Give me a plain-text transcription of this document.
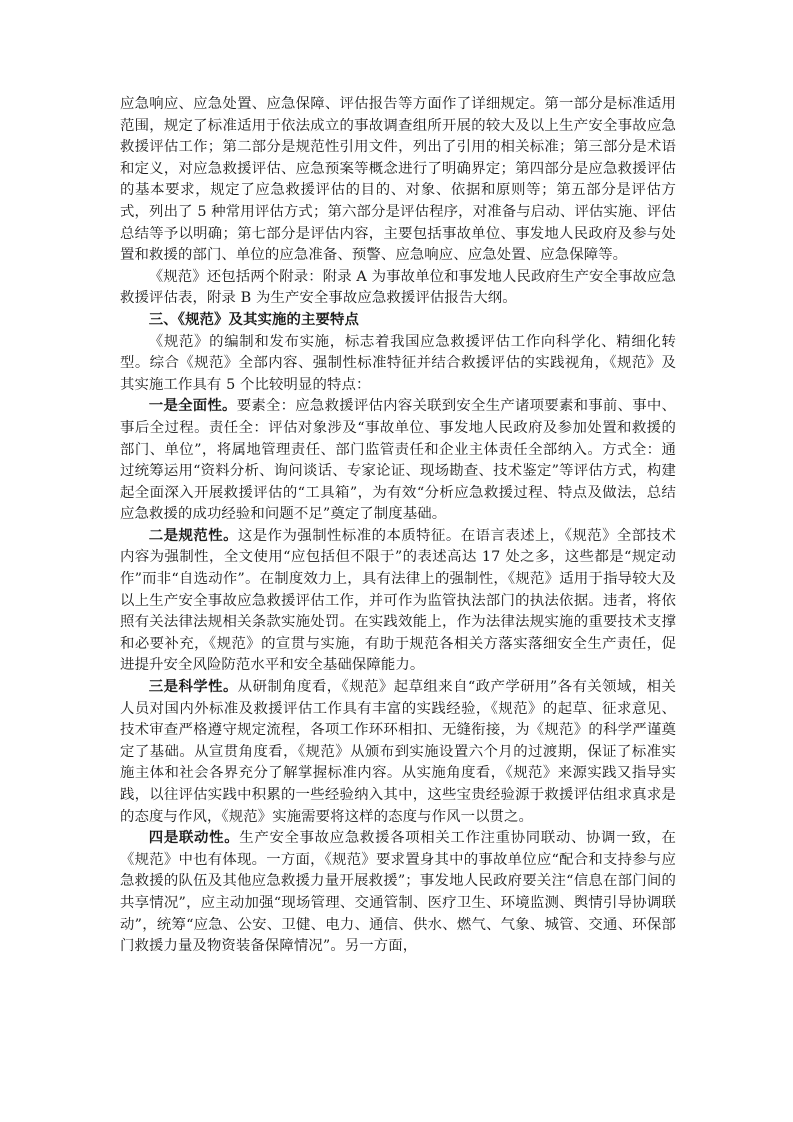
应急响应、应急处置、应急保障、评估报告等方面作了详细规定。第一部分是标准适用范围，规定了标准适用于依法成立的事故调查组所开展的较大及以上生产安全事故应急救援评估工作；第二部分是规范性引用文件，列出了引用的相关标准；第三部分是术语和定义，对应急救援评估、应急预案等概念进行了明确界定；第四部分是应急救援评估的基本要求，规定了应急救援评估的目的、对象、依据和原则等；第五部分是评估方式，列出了 5 种常用评估方式；第六部分是评估程序，对准备与启动、评估实施、评估总结等予以明确；第七部分是评估内容，主要包括事故单位、事发地人民政府及参与处置和救援的部门、单位的应急准备、预警、应急响应、应急处置、应急保障等。

《规范》还包括两个附录：附录 A 为事故单位和事发地人民政府生产安全事故应急救援评估表，附录 B 为生产安全事故应急救援评估报告大纲。

三、《规范》及其实施的主要特点

《规范》的编制和发布实施，标志着我国应急救援评估工作向科学化、精细化转型。综合《规范》全部内容、强制性标准特征并结合救援评估的实践视角，《规范》及其实施工作具有 5 个比较明显的特点：

一是全面性。要素全：应急救援评估内容关联到安全生产诸项要素和事前、事中、事后全过程。责任全：评估对象涉及“事故单位、事发地人民政府及参加处置和救援的部门、单位”，将属地管理责任、部门监管责任和企业主体责任全部纳入。方式全：通过统筹运用“资料分析、询问谈话、专家论证、现场勘查、技术鉴定”等评估方式，构建起全面深入开展救援评估的“工具箱”，为有效“分析应急救援过程、特点及做法，总结应急救援的成功经验和问题不足”奠定了制度基础。

二是规范性。这是作为强制性标准的本质特征。在语言表述上，《规范》全部技术内容为强制性，全文使用“应包括但不限于”的表述高达 17 处之多，这些都是“规定动作”而非“自选动作”。在制度效力上，具有法律上的强制性，《规范》适用于指导较大及以上生产安全事故应急救援评估工作，并可作为监管执法部门的执法依据。违者，将依照有关法律法规相关条款实施处罚。在实践效能上，作为法律法规实施的重要技术支撑和必要补充，《规范》的宣贯与实施，有助于规范各相关方落实落细安全生产责任，促进提升安全风险防范水平和安全基础保障能力。

三是科学性。从研制角度看，《规范》起草组来自“政产学研用”各有关领域，相关人员对国内外标准及救援评估工作具有丰富的实践经验，《规范》的起草、征求意见、技术审查严格遵守规定流程，各项工作环环相扣、无缝衔接，为《规范》的科学严谨奠定了基础。从宣贯角度看，《规范》从颁布到实施设置六个月的过渡期，保证了标准实施主体和社会各界充分了解掌握标准内容。从实施角度看，《规范》来源实践又指导实践，以往评估实践中积累的一些经验纳入其中，这些宝贵经验源于救援评估组求真求是的态度与作风，《规范》实施需要将这样的态度与作风一以贯之。

四是联动性。生产安全事故应急救援各项相关工作注重协同联动、协调一致，在《规范》中也有体现。一方面，《规范》要求置身其中的事故单位应“配合和支持参与应急救援的队伍及其他应急救援力量开展救援”；事发地人民政府要关注“信息在部门间的共享情况”，应主动加强“现场管理、交通管制、医疗卫生、环境监测、舆情引导协调联动”，统筹“应急、公安、卫健、电力、通信、供水、燃气、气象、城管、交通、环保部门救援力量及物资装备保障情况”。另一方面，
